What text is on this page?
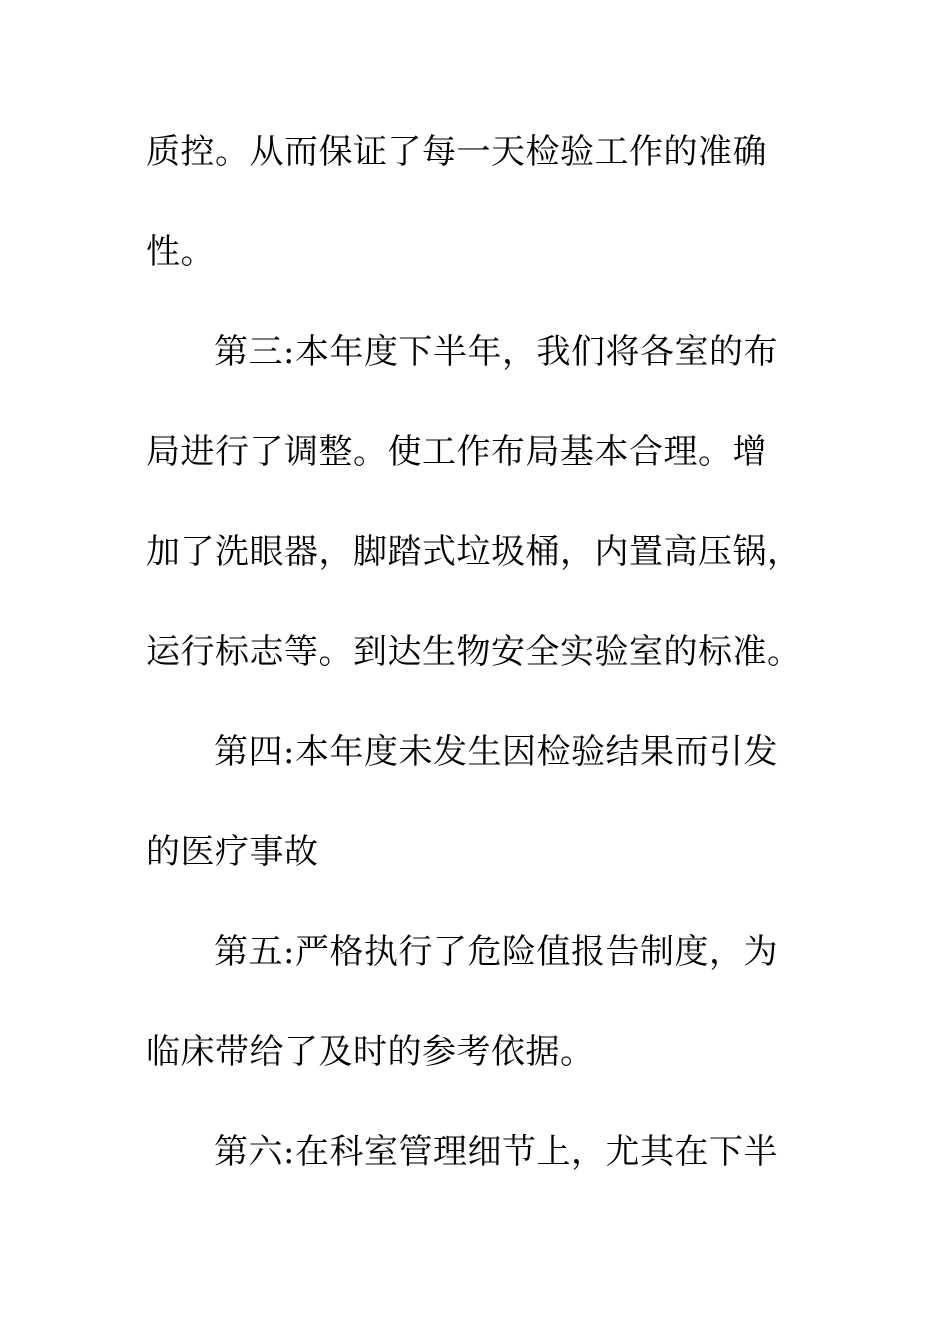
质控。从而保证了每一天检验工作的准确
性。
第三:本年度下半年，我们将各室的布
局进行了调整。使工作布局基本合理。增
加了洗眼器，脚踏式垃圾桶，内置高压锅，
运行标志等。到达生物安全实验室的标准。
第四:本年度未发生因检验结果而引发
的医疗事故
第五:严格执行了危险值报告制度，为
临床带给了及时的参考依据。
第六:在科室管理细节上，尤其在下半
